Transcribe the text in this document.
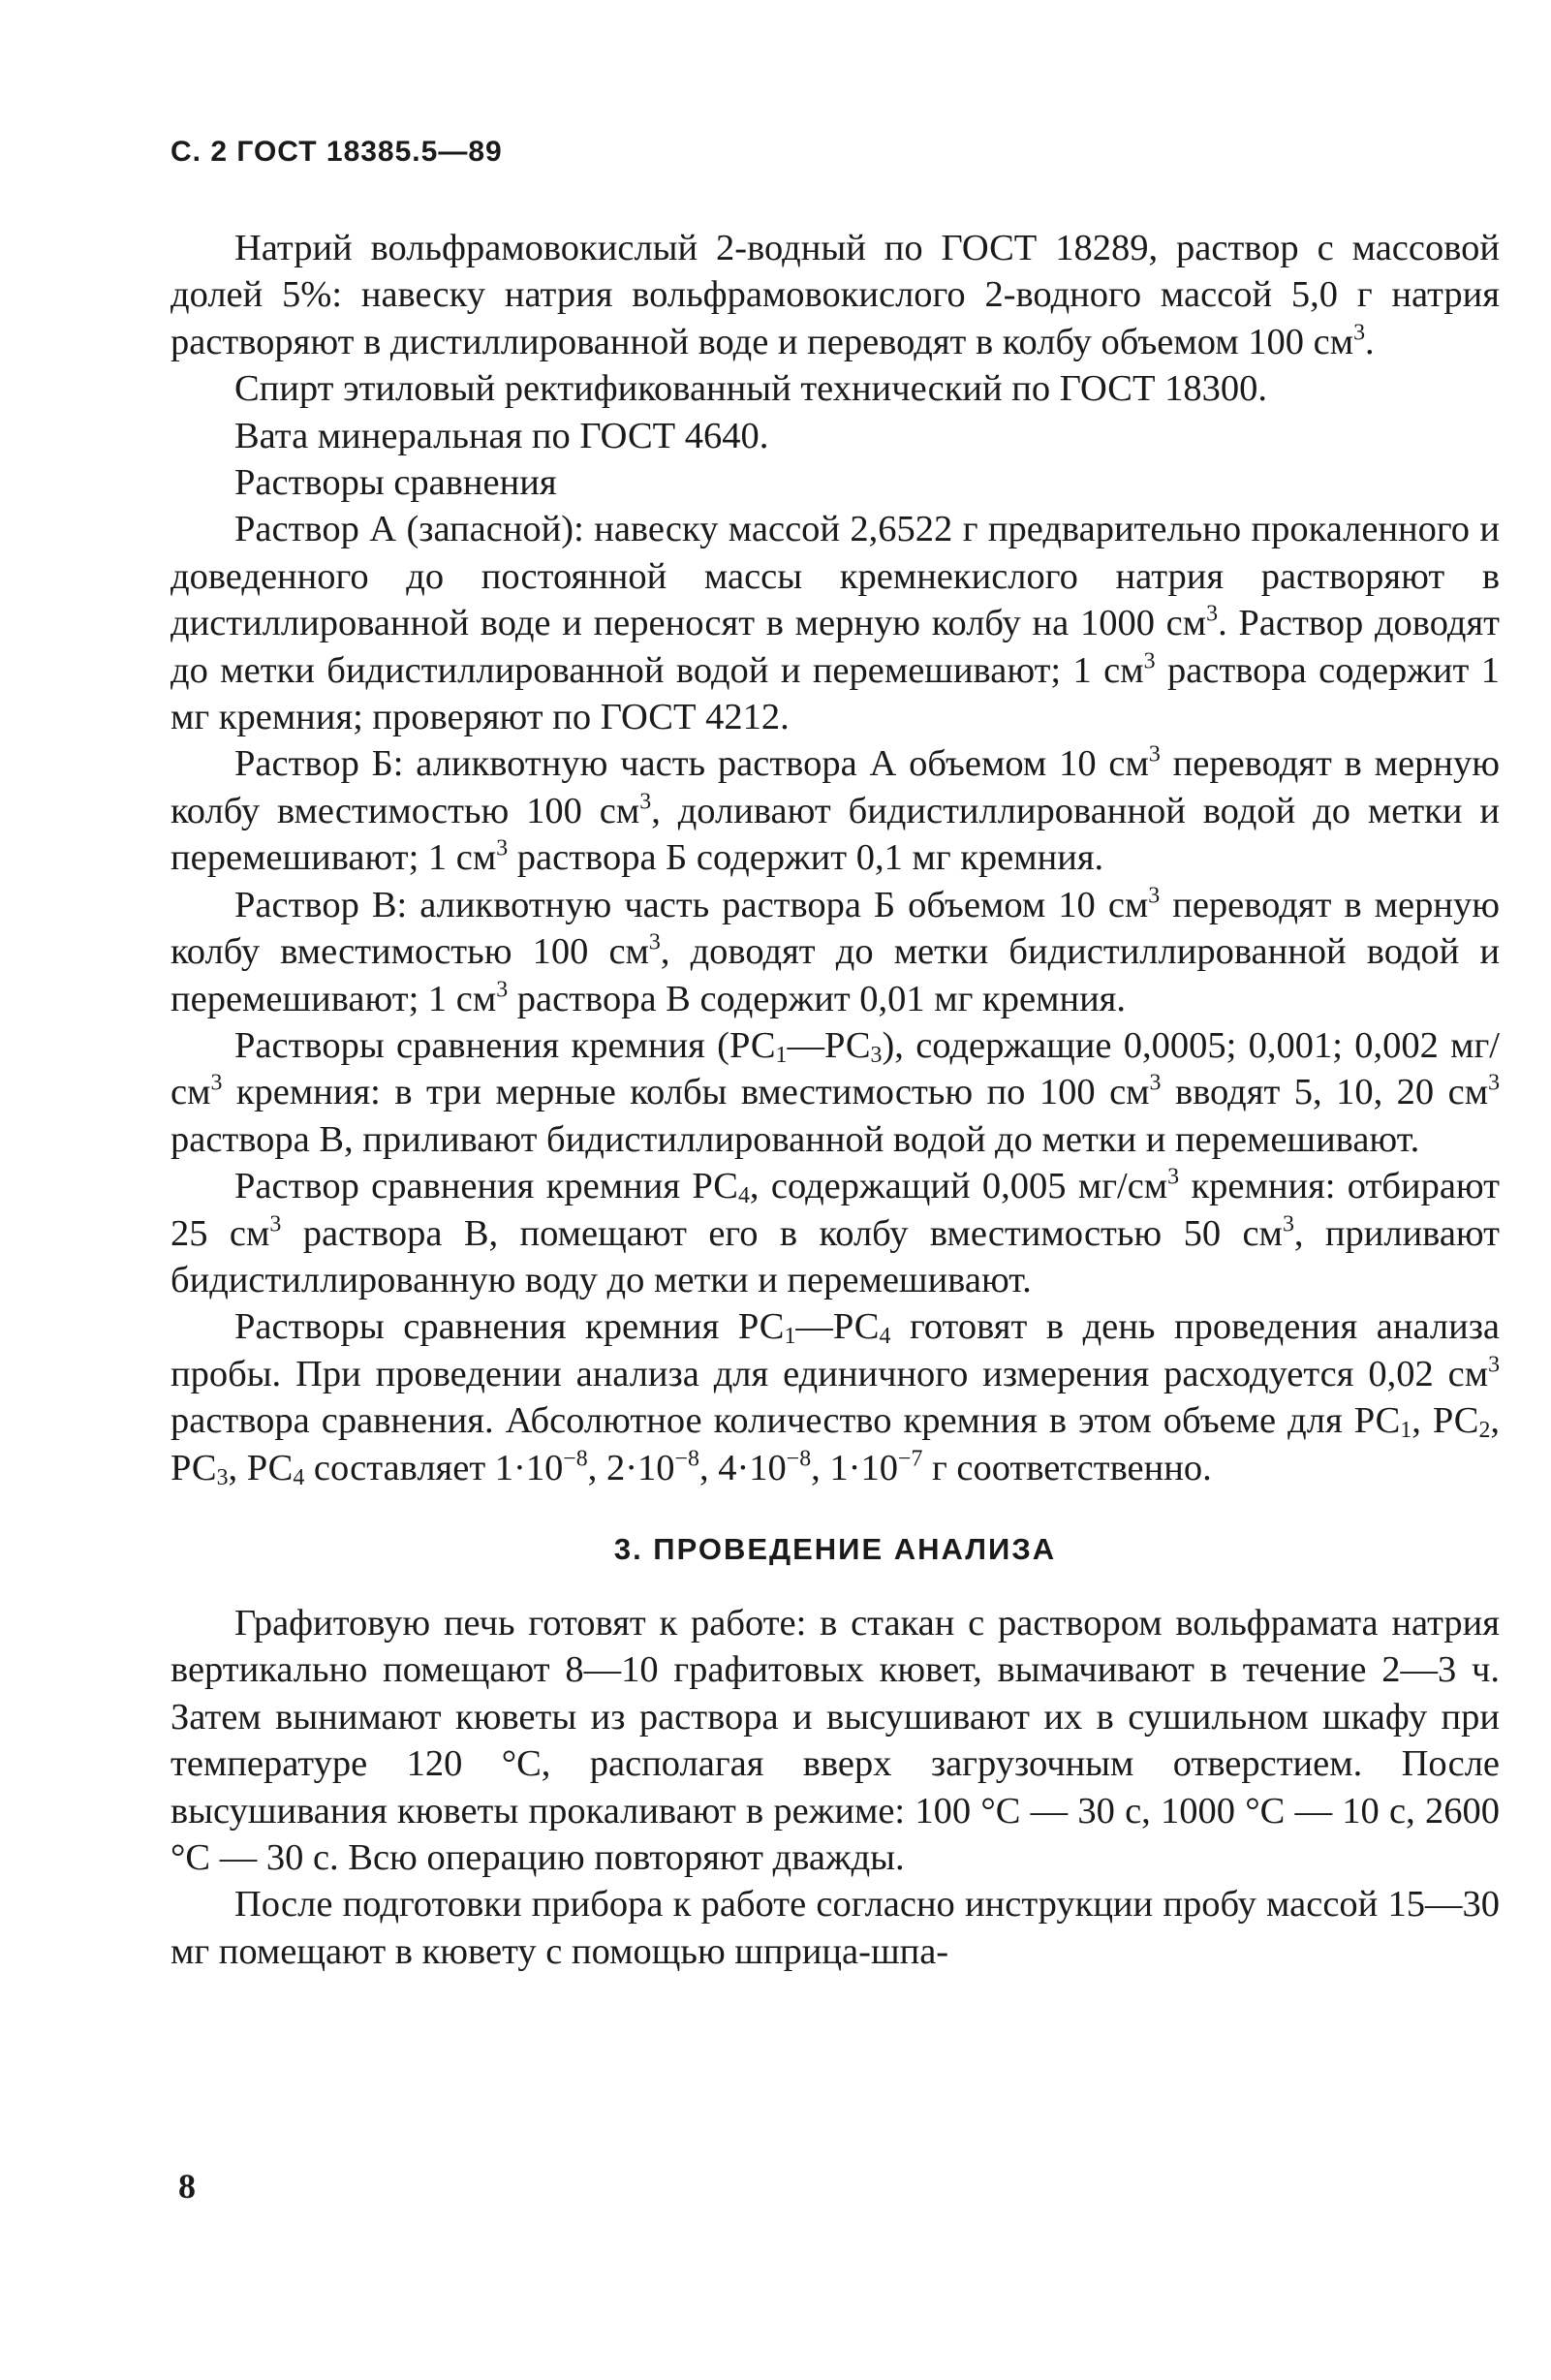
С. 2 ГОСТ 18385.5—89

Натрий вольфрамовокислый 2-водный по ГОСТ 18289, раствор с массовой долей 5%: навеску натрия вольфрамовокислого 2-водного массой 5,0 г натрия растворяют в дистиллированной воде и переводят в колбу объемом 100 $см^3$.

Спирт этиловый ректификованный технический по ГОСТ 18300.

Вата минеральная по ГОСТ 4640.

Растворы сравнения

Раствор А (запасной): навеску массой 2,6522 г предварительно прокаленного и доведенного до постоянной массы кремнекислого натрия растворяют в дистиллированной воде и переносят в мерную колбу на 1000 $см^3$. Раствор доводят до метки бидистиллированной водой и перемешивают; 1 $см^3$ раствора содержит 1 мг кремния; проверяют по ГОСТ 4212.

Раствор Б: аликвотную часть раствора А объемом 10 $см^3$ переводят в мерную колбу вместимостью 100 $см^3$, доливают бидистиллированной водой до метки и перемешивают; 1 $см^3$ раствора Б содержит 0,1 мг кремния.

Раствор В: аликвотную часть раствора Б объемом 10 $см^3$ переводят в мерную колбу вместимостью 100 $см^3$, доводят до метки бидистиллированной водой и перемешивают; 1 $см^3$ раствора В содержит 0,01 мг кремния.

Растворы сравнения кремния $(РС_1—РС_3)$, содержащие 0,0005; 0,001; 0,002 $мг/см^3$ кремния: в три мерные колбы вместимостью по 100 $см^3$ вводят 5, 10, 20 $см^3$ раствора В, приливают бидистиллированной водой до метки и перемешивают.

Раствор сравнения кремния $РС_4$, содержащий 0,005 $мг/см^3$ кремния: отбирают 25 $см^3$ раствора В, помещают его в колбу вместимостью 50 $см^3$, приливают бидистиллированную воду до метки и перемешивают.

Растворы сравнения кремния $РС_1—РС_4$ готовят в день проведения анализа пробы. При проведении анализа для единичного измерения расходуется 0,02 $см^3$ раствора сравнения. Абсолютное количество кремния в этом объеме для $РС_1$, $РС_2$, $РС_3$, $РС_4$ составляет $1\cdot 10^{-8}$, $2\cdot 10^{-8}$, $4\cdot 10^{-8}$, $1\cdot 10^{-7}$ г соответственно.

3. ПРОВЕДЕНИЕ АНАЛИЗА

Графитовую печь готовят к работе: в стакан с раствором вольфрамата натрия вертикально помещают 8—10 графитовых кювет, вымачивают в течение 2—3 ч. Затем вынимают кюветы из раствора и высушивают их в сушильном шкафу при температуре 120 °С, располагая вверх загрузочным отверстием. После высушивания кюветы прокаливают в режиме: 100 °С — 30 с, 1000 °С — 10 с, 2600 °С — 30 с. Всю операцию повторяют дважды.

После подготовки прибора к работе согласно инструкции пробу массой 15—30 мг помещают в кювету с помощью шприца-шпа-

8
